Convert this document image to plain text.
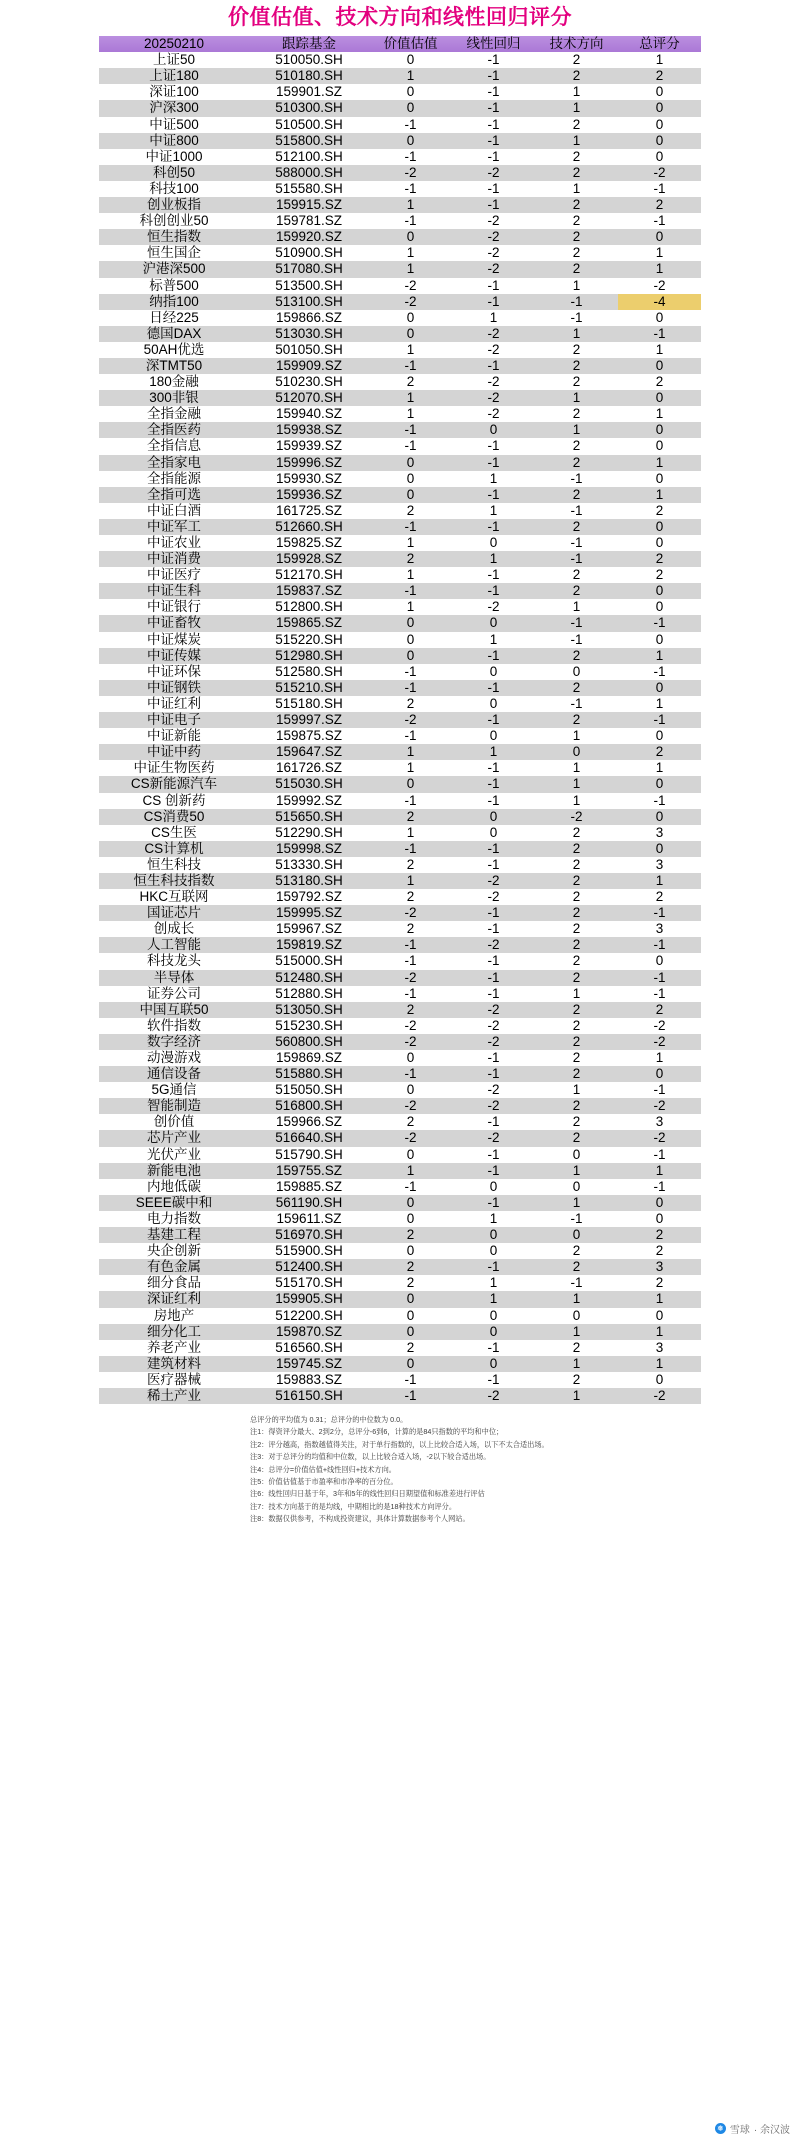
价值估值、技术方向和线性回归评分
20250210	跟踪基金	价值估值	线性回归	技术方向	总评分
上证50	510050.SH	0	-1	2	1
上证180	510180.SH	1	-1	2	2
深证100	159901.SZ	0	-1	1	0
沪深300	510300.SH	0	-1	1	0
中证500	510500.SH	-1	-1	2	0
中证800	515800.SH	0	-1	1	0
中证1000	512100.SH	-1	-1	2	0
科创50	588000.SH	-2	-2	2	-2
科技100	515580.SH	-1	-1	1	-1
创业板指	159915.SZ	1	-1	2	2
科创创业50	159781.SZ	-1	-2	2	-1
恒生指数	159920.SZ	0	-2	2	0
恒生国企	510900.SH	1	-2	2	1
沪港深500	517080.SH	1	-2	2	1
标普500	513500.SH	-2	-1	1	-2
纳指100	513100.SH	-2	-1	-1	-4
日经225	159866.SZ	0	1	-1	0
德国DAX	513030.SH	0	-2	1	-1
50AH优选	501050.SH	1	-2	2	1
深TMT50	159909.SZ	-1	-1	2	0
180金融	510230.SH	2	-2	2	2
300非银	512070.SH	1	-2	1	0
全指金融	159940.SZ	1	-2	2	1
全指医药	159938.SZ	-1	0	1	0
全指信息	159939.SZ	-1	-1	2	0
全指家电	159996.SZ	0	-1	2	1
全指能源	159930.SZ	0	1	-1	0
全指可选	159936.SZ	0	-1	2	1
中证白酒	161725.SZ	2	1	-1	2
中证军工	512660.SH	-1	-1	2	0
中证农业	159825.SZ	1	0	-1	0
中证消费	159928.SZ	2	1	-1	2
中证医疗	512170.SH	1	-1	2	2
中证生科	159837.SZ	-1	-1	2	0
中证银行	512800.SH	1	-2	1	0
中证畜牧	159865.SZ	0	0	-1	-1
中证煤炭	515220.SH	0	1	-1	0
中证传媒	512980.SH	0	-1	2	1
中证环保	512580.SH	-1	0	0	-1
中证钢铁	515210.SH	-1	-1	2	0
中证红利	515180.SH	2	0	-1	1
中证电子	159997.SZ	-2	-1	2	-1
中证新能	159875.SZ	-1	0	1	0
中证中药	159647.SZ	1	1	0	2
中证生物医药	161726.SZ	1	-1	1	1
CS新能源汽车	515030.SH	0	-1	1	0
CS 创新药	159992.SZ	-1	-1	1	-1
CS消费50	515650.SH	2	0	-2	0
CS生医	512290.SH	1	0	2	3
CS计算机	159998.SZ	-1	-1	2	0
恒生科技	513330.SH	2	-1	2	3
恒生科技指数	513180.SH	1	-2	2	1
HKC互联网	159792.SZ	2	-2	2	2
国证芯片	159995.SZ	-2	-1	2	-1
创成长	159967.SZ	2	-1	2	3
人工智能	159819.SZ	-1	-2	2	-1
科技龙头	515000.SH	-1	-1	2	0
半导体	512480.SH	-2	-1	2	-1
证券公司	512880.SH	-1	-1	1	-1
中国互联50	513050.SH	2	-2	2	2
软件指数	515230.SH	-2	-2	2	-2
数字经济	560800.SH	-2	-2	2	-2
动漫游戏	159869.SZ	0	-1	2	1
通信设备	515880.SH	-1	-1	2	0
5G通信	515050.SH	0	-2	1	-1
智能制造	516800.SH	-2	-2	2	-2
创价值	159966.SZ	2	-1	2	3
芯片产业	516640.SH	-2	-2	2	-2
光伏产业	515790.SH	0	-1	0	-1
新能电池	159755.SZ	1	-1	1	1
内地低碳	159885.SZ	-1	0	0	-1
SEEE碳中和	561190.SH	0	-1	1	0
电力指数	159611.SZ	0	1	-1	0
基建工程	516970.SH	2	0	0	2
央企创新	515900.SH	0	0	2	2
有色金属	512400.SH	2	-1	2	3
细分食品	515170.SH	2	1	-1	2
深证红利	159905.SH	0	1	1	1
房地产	512200.SH	0	0	0	0
细分化工	159870.SZ	0	0	1	1
养老产业	516560.SH	2	-1	2	3
建筑材料	159745.SZ	0	0	1	1
医疗器械	159883.SZ	-1	-1	2	0
稀土产业	516150.SH	-1	-2	1	-2
总评分的平均值为 0.31；总评分的中位数为 0.0。
注1：得资评分最大、2到2分，总评分-6到6，计算的是84只指数的平均和中位；
注2：评分越高，指数越值得关注，对于单行指数的，以上比较合适入场，以下不太合适出场。
注3：对于总评分的均值和中位数，以上比较合适入场，-2以下较合适出场。
注4：总评分=价值估值+线性回归+技术方向。
注5：价值估值基于市盈率和市净率的百分位。
注6：线性回归日基于年，3年和5年的线性回归日期望值和标准差进行评估
注7：技术方向基于的是均线，中期相比的是18种技术方向评分。
注8：数据仅供参考，不构成投资建议，具体计算数据参考个人网站。
❅ 雪球 · 余汉波
